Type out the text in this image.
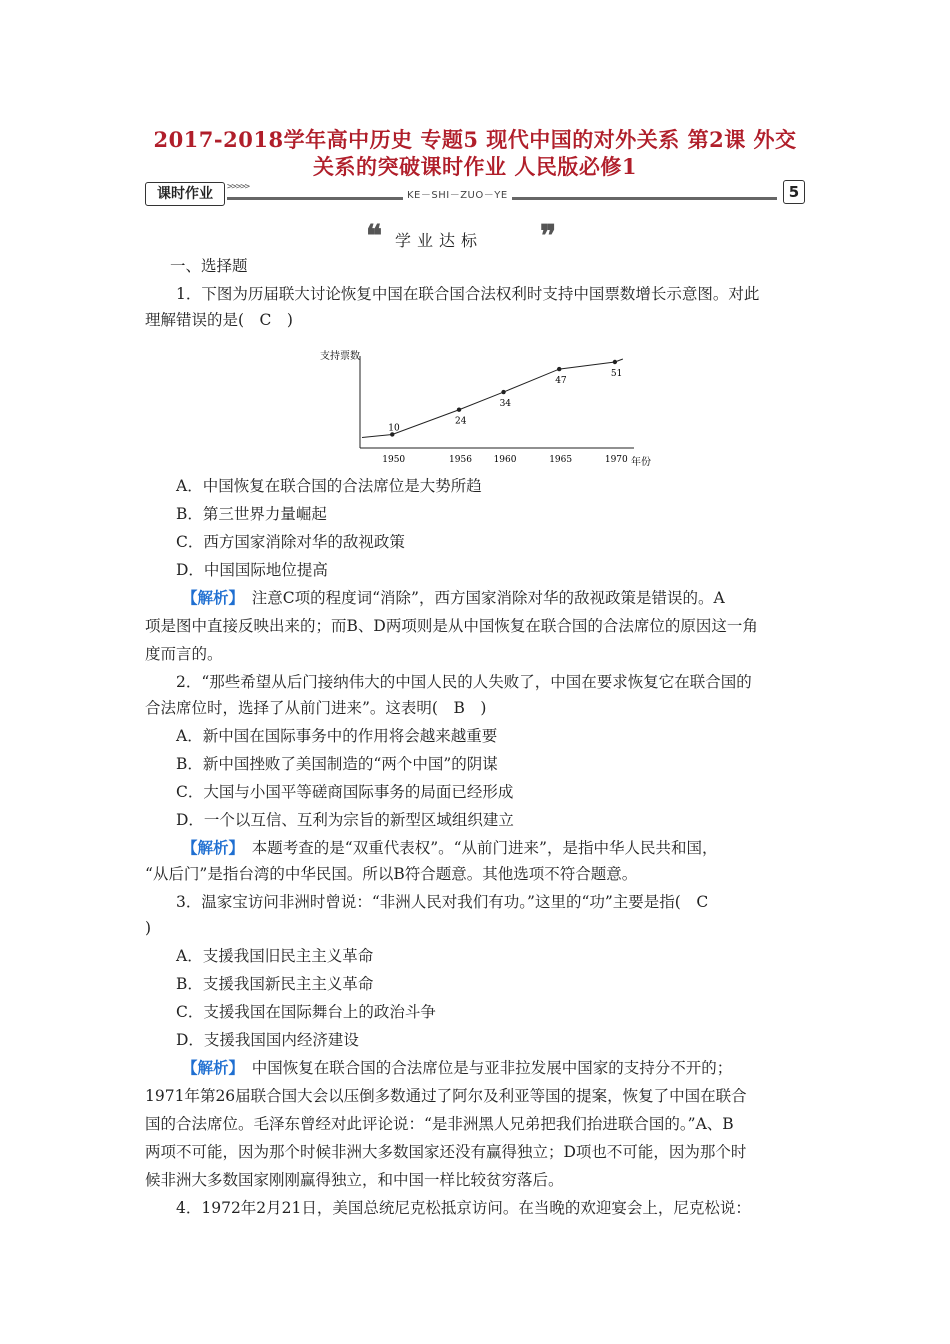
2017-2018学年高中历史 专题5 现代中国的对外关系 第2课 外交
关系的突破课时作业 人民版必修1
课时作业	>>>>>
KE－SHI－ZUO－YE	5
❝ 学业达标 ❞
一、选择题
1．下图为历届联大讨论恢复中国在联合国合法权利时支持中国票数增长示意图。对此
理解错误的是(　C　)
支持票数
年份
10
1950
24
1956
34
1960
47
1965
51
1970
A．中国恢复在联合国的合法席位是大势所趋
B．第三世界力量崛起
C．西方国家消除对华的敌视政策
D．中国国际地位提高
【解析】　注意C项的程度词“消除”，西方国家消除对华的敌视政策是错误的。A
项是图中直接反映出来的；而B、D两项则是从中国恢复在联合国的合法席位的原因这一角
度而言的。
2．“那些希望从后门接纳伟大的中国人民的人失败了，中国在要求恢复它在联合国的
合法席位时，选择了从前门进来”。这表明(　B　)
A．新中国在国际事务中的作用将会越来越重要
B．新中国挫败了美国制造的“两个中国”的阴谋
C．大国与小国平等磋商国际事务的局面已经形成
D．一个以互信、互利为宗旨的新型区域组织建立
【解析】　本题考查的是“双重代表权”。“从前门进来”，是指中华人民共和国，
“从后门”是指台湾的中华民国。所以B符合题意。其他选项不符合题意。
3．温家宝访问非洲时曾说：“非洲人民对我们有功。”这里的“功”主要是指(　C
)
A．支援我国旧民主主义革命
B．支援我国新民主主义革命
C．支援我国在国际舞台上的政治斗争
D．支援我国国内经济建设
【解析】　中国恢复在联合国的合法席位是与亚非拉发展中国家的支持分不开的；
1971年第26届联合国大会以压倒多数通过了阿尔及利亚等国的提案，恢复了中国在联合
国的合法席位。毛泽东曾经对此评论说：“是非洲黑人兄弟把我们抬进联合国的。”A、B
两项不可能，因为那个时候非洲大多数国家还没有赢得独立；D项也不可能，因为那个时
候非洲大多数国家刚刚赢得独立，和中国一样比较贫穷落后。
4．1972年2月21日，美国总统尼克松抵京访问。在当晚的欢迎宴会上，尼克松说：
